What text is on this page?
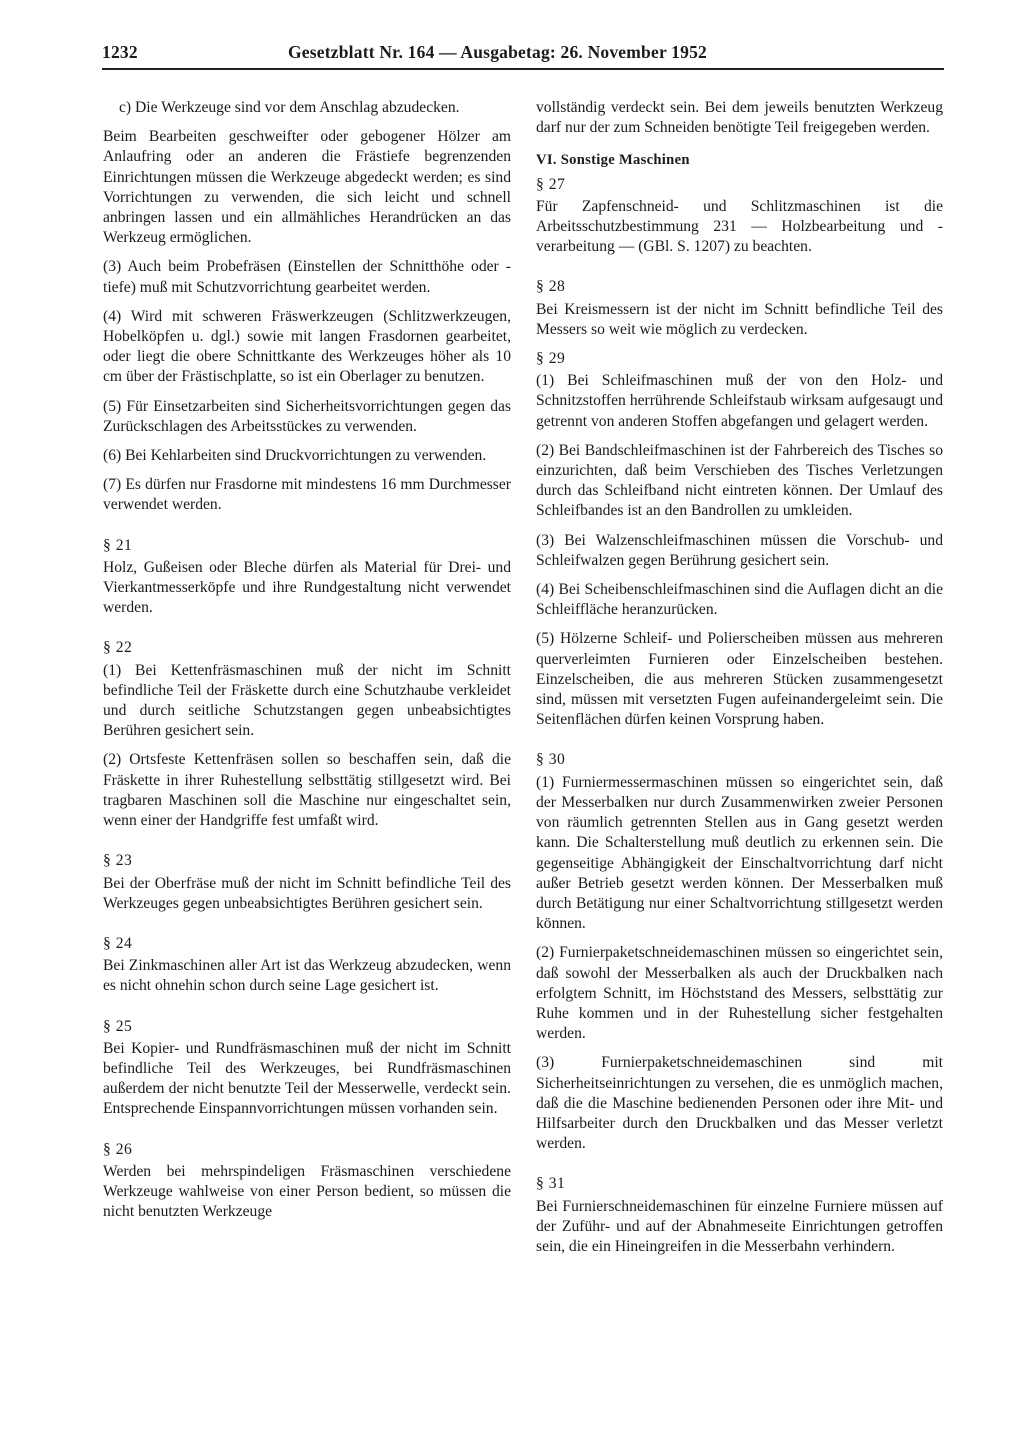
1232	Gesetzblatt Nr. 164 — Ausgabetag: 26. November 1952

c) Die Werkzeuge sind vor dem Anschlag abzudecken.

Beim Bearbeiten geschweifter oder gebogener Hölzer am Anlaufring oder an anderen die Frästiefe begrenzenden Einrichtungen müssen die Werkzeuge abgedeckt werden; es sind Vorrichtungen zu verwenden, die sich leicht und schnell anbringen lassen und ein allmähliches Herandrücken an das Werkzeug ermöglichen.

(3) Auch beim Probefräsen (Einstellen der Schnitthöhe oder -tiefe) muß mit Schutzvorrichtung gearbeitet werden.

(4) Wird mit schweren Fräswerkzeugen (Schlitzwerkzeugen, Hobelköpfen u. dgl.) sowie mit langen Frasdornen gearbeitet, oder liegt die obere Schnittkante des Werkzeuges höher als 10 cm über der Frästischplatte, so ist ein Oberlager zu benutzen.

(5) Für Einsetzarbeiten sind Sicherheitsvorrichtungen gegen das Zurückschlagen des Arbeitsstückes zu verwenden.

(6) Bei Kehlarbeiten sind Druckvorrichtungen zu verwenden.

(7) Es dürfen nur Frasdorne mit mindestens 16 mm Durchmesser verwendet werden.

§ 21

Holz, Gußeisen oder Bleche dürfen als Material für Drei- und Vierkantmesserköpfe und ihre Rundgestaltung nicht verwendet werden.

§ 22

(1) Bei Kettenfräsmaschinen muß der nicht im Schnitt befindliche Teil der Fräskette durch eine Schutzhaube verkleidet und durch seitliche Schutzstangen gegen unbeabsichtigtes Berühren gesichert sein.

(2) Ortsfeste Kettenfräsen sollen so beschaffen sein, daß die Fräskette in ihrer Ruhestellung selbsttätig stillgesetzt wird. Bei tragbaren Maschinen soll die Maschine nur eingeschaltet sein, wenn einer der Handgriffe fest umfaßt wird.

§ 23

Bei der Oberfräse muß der nicht im Schnitt befindliche Teil des Werkzeuges gegen unbeabsichtigtes Berühren gesichert sein.

§ 24

Bei Zinkmaschinen aller Art ist das Werkzeug abzudecken, wenn es nicht ohnehin schon durch seine Lage gesichert ist.

§ 25

Bei Kopier- und Rundfräsmaschinen muß der nicht im Schnitt befindliche Teil des Werkzeuges, bei Rundfräsmaschinen außerdem der nicht benutzte Teil der Messerwelle, verdeckt sein. Entsprechende Einspannvorrichtungen müssen vorhanden sein.

§ 26

Werden bei mehrspindeligen Fräsmaschinen verschiedene Werkzeuge wahlweise von einer Person bedient, so müssen die nicht benutzten Werkzeuge

vollständig verdeckt sein. Bei dem jeweils benutzten Werkzeug darf nur der zum Schneiden benötigte Teil freigegeben werden.

VI. Sonstige Maschinen

§ 27

Für Zapfenschneid- und Schlitzmaschinen ist die Arbeitsschutzbestimmung 231 — Holzbearbeitung und -verarbeitung — (GBl. S. 1207) zu beachten.

§ 28

Bei Kreismessern ist der nicht im Schnitt befindliche Teil des Messers so weit wie möglich zu verdecken.

§ 29

(1) Bei Schleifmaschinen muß der von den Holz- und Schnitzstoffen herrührende Schleifstaub wirksam aufgesaugt und getrennt von anderen Stoffen abgefangen und gelagert werden.

(2) Bei Bandschleifmaschinen ist der Fahrbereich des Tisches so einzurichten, daß beim Verschieben des Tisches Verletzungen durch das Schleifband nicht eintreten können. Der Umlauf des Schleifbandes ist an den Bandrollen zu umkleiden.

(3) Bei Walzenschleifmaschinen müssen die Vorschub- und Schleifwalzen gegen Berührung gesichert sein.

(4) Bei Scheibenschleifmaschinen sind die Auflagen dicht an die Schleiffläche heranzurücken.

(5) Hölzerne Schleif- und Polierscheiben müssen aus mehreren querverleimten Furnieren oder Einzelscheiben bestehen. Einzelscheiben, die aus mehreren Stücken zusammengesetzt sind, müssen mit versetzten Fugen aufeinandergeleimt sein. Die Seitenflächen dürfen keinen Vorsprung haben.

§ 30

(1) Furniermessermaschinen müssen so eingerichtet sein, daß der Messerbalken nur durch Zusammenwirken zweier Personen von räumlich getrennten Stellen aus in Gang gesetzt werden kann. Die Schalterstellung muß deutlich zu erkennen sein. Die gegenseitige Abhängigkeit der Einschaltvorrichtung darf nicht außer Betrieb gesetzt werden können. Der Messerbalken muß durch Betätigung nur einer Schaltvorrichtung stillgesetzt werden können.

(2) Furnierpaketschneidemaschinen müssen so eingerichtet sein, daß sowohl der Messerbalken als auch der Druckbalken nach erfolgtem Schnitt, im Höchststand des Messers, selbsttätig zur Ruhe kommen und in der Ruhestellung sicher festgehalten werden.

(3) Furnierpaketschneidemaschinen sind mit Sicherheitseinrichtungen zu versehen, die es unmöglich machen, daß die die Maschine bedienenden Personen oder ihre Mit- und Hilfsarbeiter durch den Druckbalken und das Messer verletzt werden.

§ 31

Bei Furnierschneidemaschinen für einzelne Furniere müssen auf der Zuführ- und auf der Abnahmeseite Einrichtungen getroffen sein, die ein Hineingreifen in die Messerbahn verhindern.
